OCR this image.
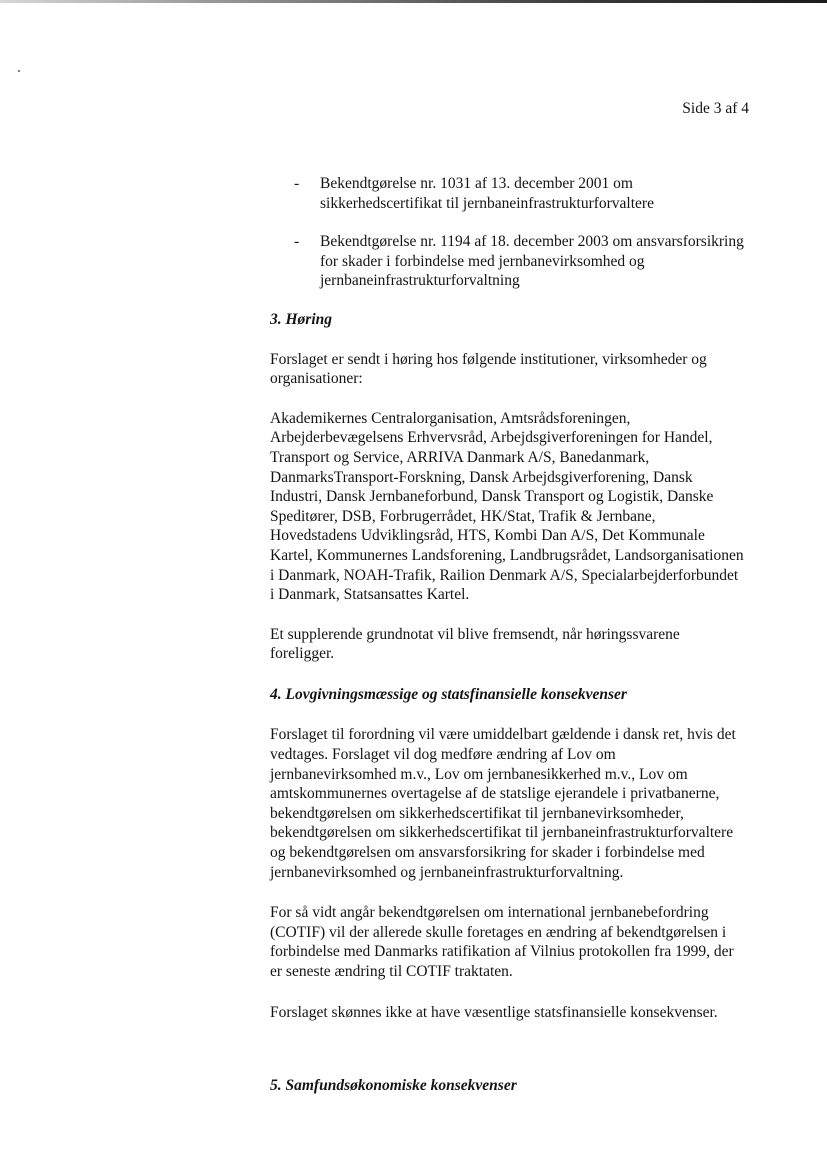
Side 3 af 4
- Bekendtgørelse nr. 1031 af 13. december 2001 om sikkerhedscertifikat til jernbaneinfrastrukturforvaltere
- Bekendtgørelse nr. 1194 af 18. december 2003 om ansvarsforsikring for skader i forbindelse med jernbanevirksomhed og jernbaneinfrastrukturforvaltning
3. Høring

Forslaget er sendt i høring hos følgende institutioner, virksomheder og organisationer:

Akademikernes Centralorganisation, Amtsrådsforeningen, Arbejderbevægelsens Erhvervsråd, Arbejdsgiverforeningen for Handel, Transport og Service, ARRIVA Danmark A/S, Banedanmark, DanmarksTransport-Forskning, Dansk Arbejdsgiverforening, Dansk Industri, Dansk Jernbaneforbund, Dansk Transport og Logistik, Danske Speditører, DSB, Forbrugerrådet, HK/Stat, Trafik & Jernbane, Hovedstadens Udviklingsråd, HTS, Kombi Dan A/S, Det Kommunale Kartel, Kommunernes Landsforening, Landbrugsrådet, Landsorganisationen i Danmark, NOAH-Trafik, Railion Denmark A/S, Specialarbejderforbundet i Danmark, Statsansattes Kartel.

Et supplerende grundnotat vil blive fremsendt, når høringssvarene foreligger.

4. Lovgivningsmæssige og statsfinansielle konsekvenser

Forslaget til forordning vil være umiddelbart gældende i dansk ret, hvis det vedtages. Forslaget vil dog medføre ændring af Lov om jernbanevirksomhed m.v., Lov om jernbanesikkerhed m.v., Lov om amtskommunernes overtagelse af de statslige ejerandele i privatbanerne, bekendtgørelsen om sikkerhedscertifikat til jernbanevirksomheder, bekendtgørelsen om sikkerhedscertifikat til jernbaneinfrastrukturforvaltere og bekendtgørelsen om ansvarsforsikring for skader i forbindelse med jernbanevirksomhed og jernbaneinfrastrukturforvaltning.

For så vidt angår bekendtgørelsen om international jernbanebefordring (COTIF) vil der allerede skulle foretages en ændring af bekendtgørelsen i forbindelse med Danmarks ratifikation af Vilnius protokollen fra 1999, der er seneste ændring til COTIF traktaten.

Forslaget skønnes ikke at have væsentlige statsfinansielle konsekvenser.

5. Samfundsøkonomiske konsekvenser
